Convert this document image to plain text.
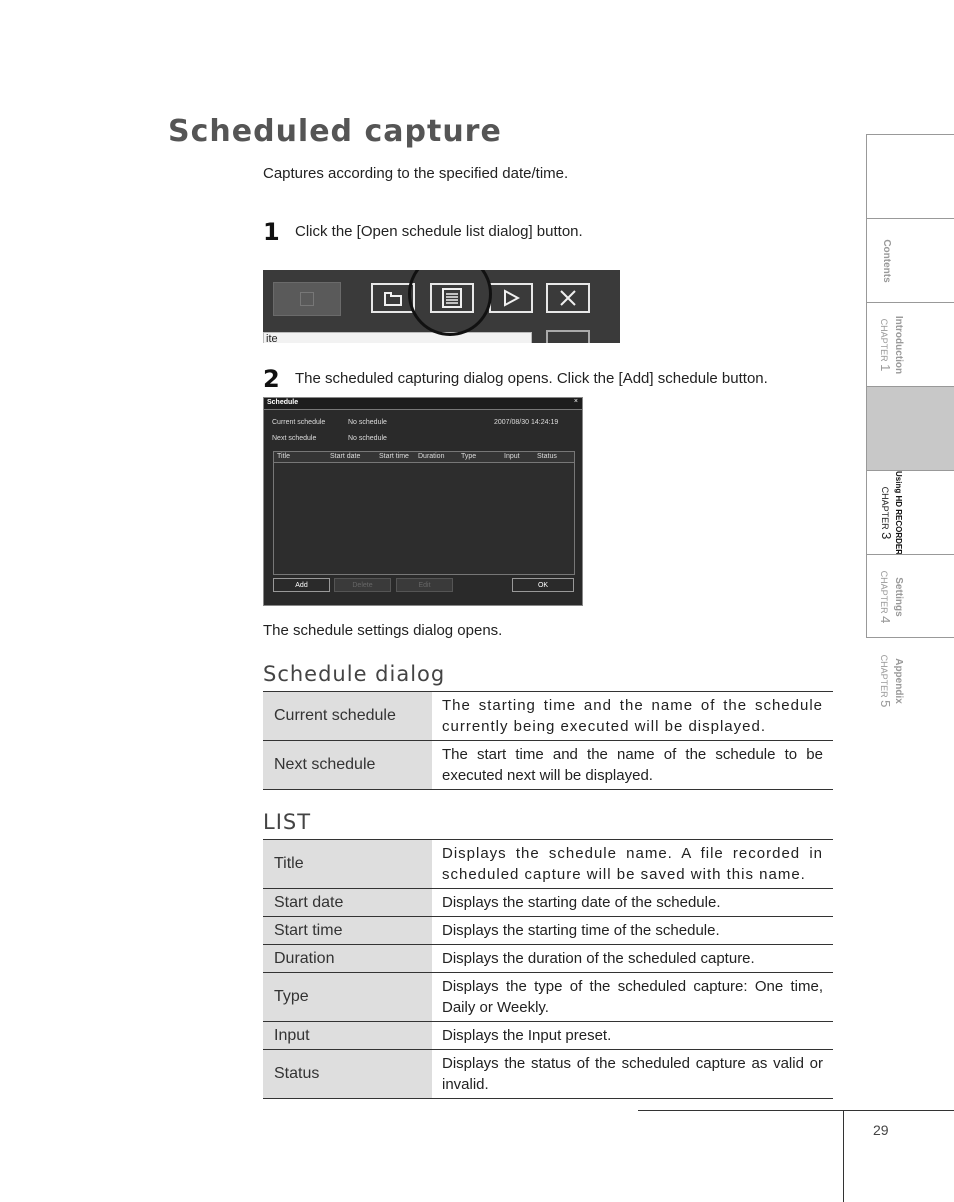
Scheduled capture
Captures according to the specified date/time.
1 Click the [Open schedule list dialog] button.
ite
2 The scheduled capturing dialog opens. Click the [Add] schedule button.
Schedule	×
Current schedule	No schedule	2007/08/30 14:24:19
Next schedule	No schedule
Title	Start date	Start time Duration Type	Input Status
Add	Delete	Edit	OK
The schedule settings dialog opens.
Schedule dialog
Current schedule	The starting time and the name of the schedule currently being executed will be displayed.
Next schedule	The start time and the name of the schedule to be executed next will be displayed.
LIST
Title	Displays the schedule name. A file recorded in scheduled capture will be saved with this name.
Start date	Displays the starting date of the schedule.
Start time	Displays the starting time of the schedule.
Duration	Displays the duration of the scheduled capture.
Type	Displays the type of the scheduled capture: One time, Daily or Weekly.
Input	Displays the Input preset.
Status	Displays the status of the scheduled capture as valid or invalid.
Contents
Introduction
CHAPTER 1
Using HD RECORDER
CHAPTER 3
Settings
CHAPTER 4
Appendix
CHAPTER 5
29
